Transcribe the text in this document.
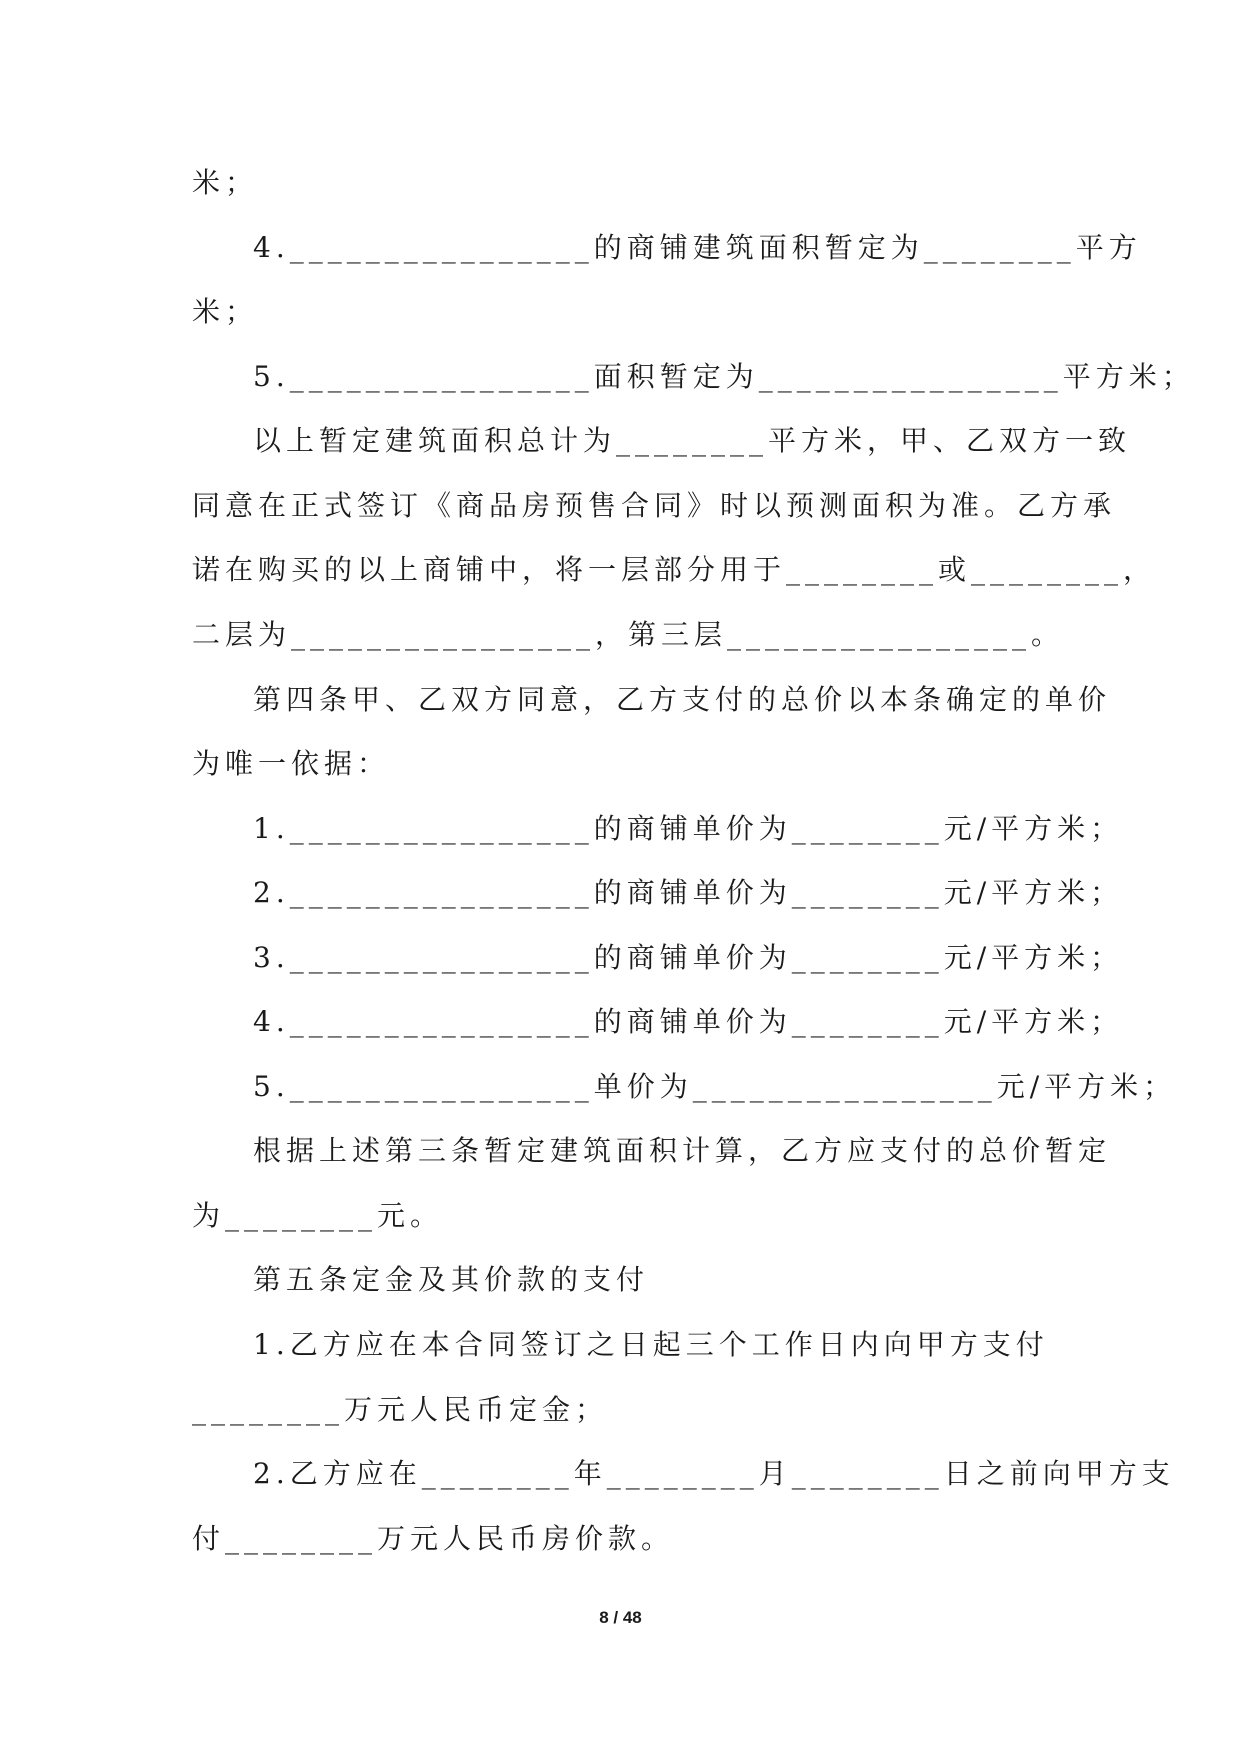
米；
4.________________的商铺建筑面积暂定为________平方
米；
5.________________面积暂定为________________平方米；
以上暂定建筑面积总计为________平方米，甲、乙双方一致
同意在正式签订《商品房预售合同》时以预测面积为准。乙方承
诺在购买的以上商铺中，将一层部分用于________或________，
二层为________________，第三层________________。
第四条甲、乙双方同意，乙方支付的总价以本条确定的单价
为唯一依据：
1.________________的商铺单价为________元/平方米；
2.________________的商铺单价为________元/平方米；
3.________________的商铺单价为________元/平方米；
4.________________的商铺单价为________元/平方米；
5.________________单价为________________元/平方米；
根据上述第三条暂定建筑面积计算，乙方应支付的总价暂定
为________元。
第五条定金及其价款的支付
1.乙方应在本合同签订之日起三个工作日内向甲方支付
________万元人民币定金；
2.乙方应在________年________月________日之前向甲方支
付________万元人民币房价款。
8 / 48
